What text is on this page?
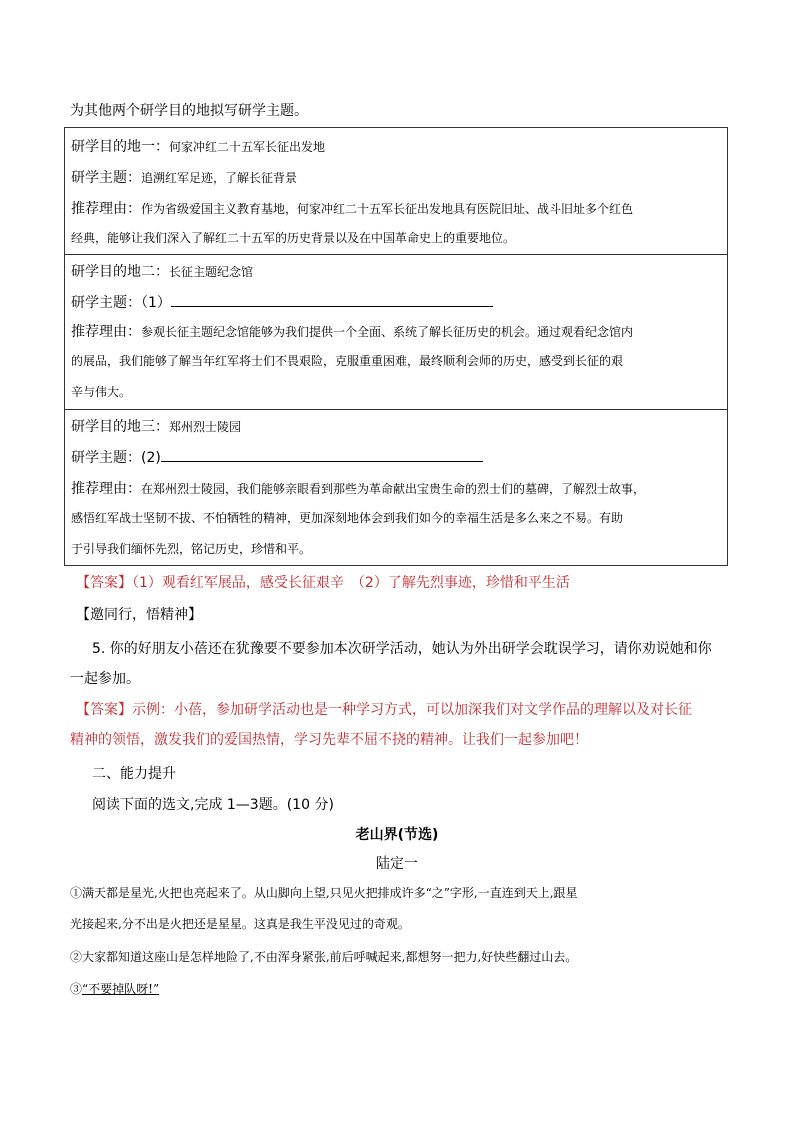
为其他两个研学目的地拟写研学主题。
研学目的地一：何家冲红二十五军长征出发地
研学主题：追溯红军足迹，了解长征背景
推荐理由：作为省级爱国主义教育基地，何家冲红二十五军长征出发地具有医院旧址、战斗旧址多个红色
经典，能够让我们深入了解红二十五军的历史背景以及在中国革命史上的重要地位。
研学目的地二：长征主题纪念馆
研学主题：（1）
推荐理由：参观长征主题纪念馆能够为我们提供一个全面、系统了解长征历史的机会。通过观看纪念馆内
的展品，我们能够了解当年红军将士们不畏艰险，克服重重困难，最终顺利会师的历史，感受到长征的艰
辛与伟大。
研学目的地三：郑州烈士陵园
研学主题：(2)
推荐理由：在郑州烈士陵园，我们能够亲眼看到那些为革命献出宝贵生命的烈士们的墓碑，了解烈士故事，
感悟红军战士坚韧不拔、不怕牺牲的精神，更加深刻地体会到我们如今的幸福生活是多么来之不易。有助
于引导我们缅怀先烈，铭记历史，珍惜和平。
【答案】（1）观看红军展品，感受长征艰辛　（2）了解先烈事迹，珍惜和平生活
【邀同行，悟精神】
5. 你的好朋友小蓓还在犹豫要不要参加本次研学活动，她认为外出研学会耽误学习，请你劝说她和你
一起参加。
【答案】示例：小蓓，参加研学活动也是一种学习方式，可以加深我们对文学作品的理解以及对长征
精神的领悟，激发我们的爱国热情，学习先辈不屈不挠的精神。让我们一起参加吧！
二、能力提升
阅读下面的选文,完成 1—3题。(10 分)
老山界(节选)
陆定一
①满天都是星光,火把也亮起来了。从山脚向上望,只见火把排成许多“之”字形,一直连到天上,跟星
光接起来,分不出是火把还是星星。这真是我生平没见过的奇观。
②大家都知道这座山是怎样地险了,不由浑身紧张,前后呼喊起来,都想努一把力,好快些翻过山去。
③“不要掉队呀!”
